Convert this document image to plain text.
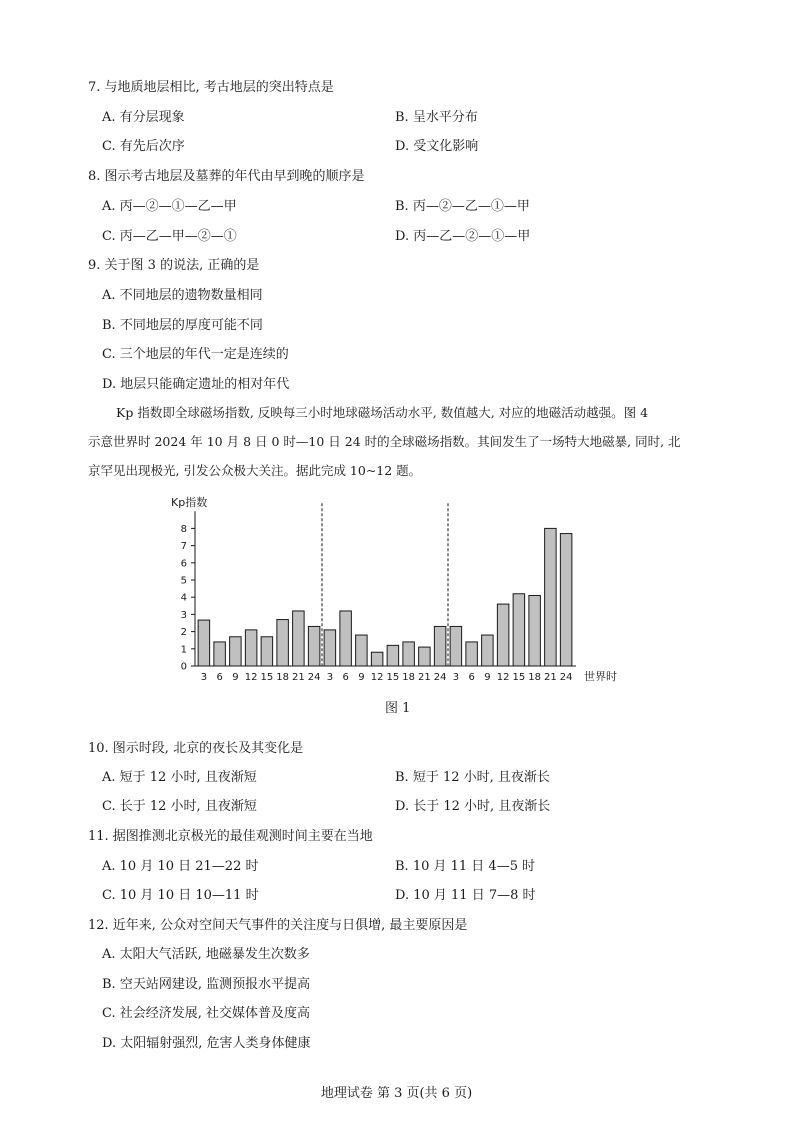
7. 与地质地层相比, 考古地层的突出特点是
A. 有分层现象	B. 呈水平分布
C. 有先后次序	D. 受文化影响
8. 图示考古地层及墓葬的年代由早到晚的顺序是
A. 丙—②—①—乙—甲	B. 丙—②—乙—①—甲
C. 丙—乙—甲—②—①	D. 丙—乙—②—①—甲
9. 关于图 3 的说法, 正确的是
A. 不同地层的遗物数量相同
B. 不同地层的厚度可能不同
C. 三个地层的年代一定是连续的
D. 地层只能确定遗址的相对年代

Kp 指数即全球磁场指数, 反映每三小时地球磁场活动水平, 数值越大, 对应的地磁活动越强。图 4

示意世界时 2024 年 10 月 8 日 0 时—10 日 24 时的全球磁场指数。其间发生了一场特大地磁暴, 同时, 北

京罕见出现极光, 引发公众极大关注。据此完成 10~12 题。

0
1
2
3
4
5
6
7
8
Kp指数
3 6 9 12 15 18 21 24 3 6 9 12 15 18 21 24 3 6 9 12 15 18 21 24 世界时
图 1
10. 图示时段, 北京的夜长及其变化是
A. 短于 12 小时, 且夜渐短	B. 短于 12 小时, 且夜渐长
C. 长于 12 小时, 且夜渐短	D. 长于 12 小时, 且夜渐长
11. 据图推测北京极光的最佳观测时间主要在当地
A. 10 月 10 日 21—22 时	B. 10 月 11 日 4—5 时
C. 10 月 10 日 10—11 时	D. 10 月 11 日 7—8 时
12. 近年来, 公众对空间天气事件的关注度与日俱增, 最主要原因是
A. 太阳大气活跃, 地磁暴发生次数多
B. 空天站网建设, 监测预报水平提高
C. 社会经济发展, 社交媒体普及度高
D. 太阳辐射强烈, 危害人类身体健康
地理试卷 第 3 页(共 6 页)
